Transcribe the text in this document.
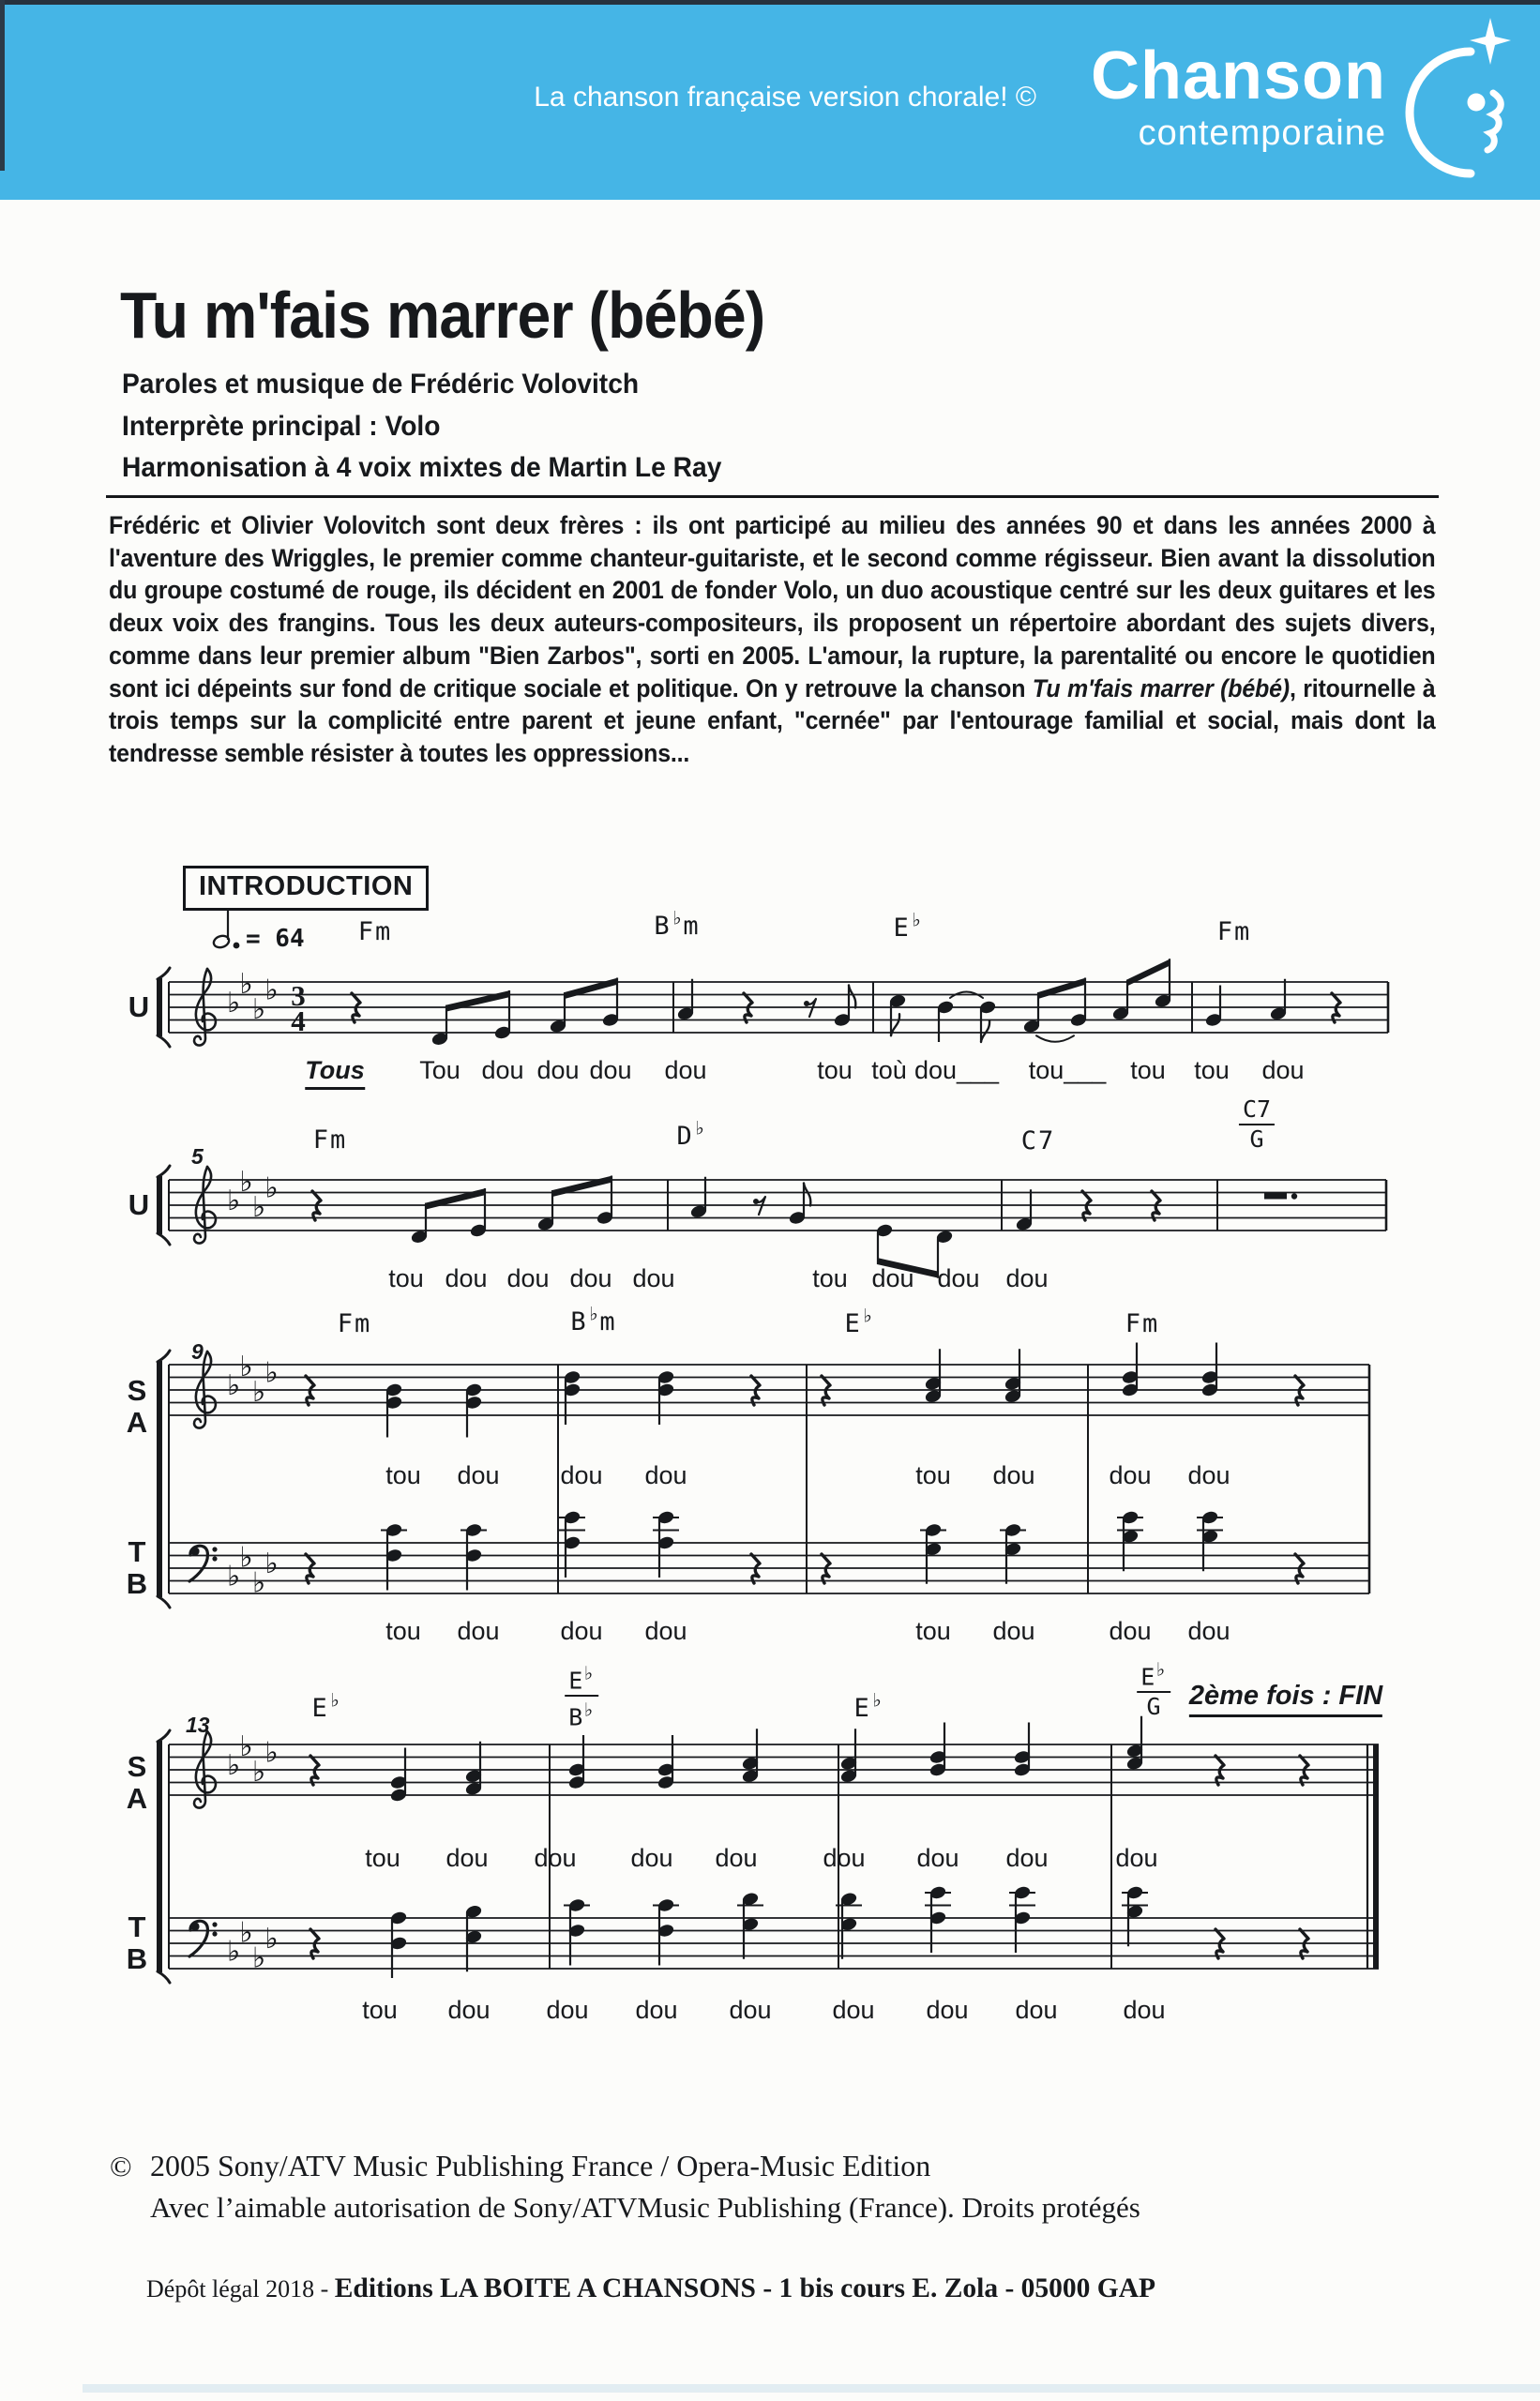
La chanson française version chorale! © Chanson
contemporaine
Tu m'fais marrer (bébé)
Paroles et musique de Frédéric Volovitch
Interprète principal : Volo
Harmonisation à 4 voix mixtes de Martin Le Ray
Frédéric et Olivier Volovitch sont deux frères : ils ont participé au milieu des années 90 et dans les années 2000 à l'aventure des Wriggles, le premier comme chanteur-guitariste, et le second comme régisseur. Bien avant la dissolution du groupe costumé de rouge, ils décident en 2001 de fonder Volo, un duo acoustique centré sur les deux guitares et les deux voix des frangins. Tous les deux auteurs-compositeurs, ils proposent un répertoire abordant des sujets divers, comme dans leur premier album "Bien Zarbos", sorti en 2005. L'amour, la rupture, la parentalité ou encore le quotidien sont ici dépeints sur fond de critique sociale et politique. On y retrouve la chanson Tu m'fais marrer (bébé), ritournelle à trois temps sur la complicité entre parent et jeune enfant, "cernée" par l'entourage familial et social, mais dont la tendresse semble résister à toutes les oppressions...
♭
♭
♭
♭ 3
4
♭
♭
♭
♭
♭
♭
♭
♭
♭
♭
♭
♭
♭
♭
♭
♭
♭
♭
♭
♭
INTRODUCTION
= 64 Fm	B♭m	E♭	Fm
U
Tous Tou dou dou dou dou	tou toù dou___ tou___ tou tou dou
Fm	D♭	C7
C7
G
5
U
tou dou dou dou dou	tou dou dou dou
Fm	B♭m	E♭	Fm
9
S
A
T
B
tou dou dou dou	tou dou	dou dou
tou dou dou dou	tou dou	dou dou
E♭
E♭
B♭	E♭
E♭
G	2ème fois : FIN
13
S
A
T
B
tou dou dou dou dou	dou dou dou	dou
tou dou dou dou dou dou dou dou	dou
© 2005 Sony/ATV Music Publishing France / Opera-Music Edition
Avec l’aimable autorisation de Sony/ATVMusic Publishing (France). Droits protégés
Dépôt légal 2018 - Editions LA BOITE A CHANSONS - 1 bis cours E. Zola - 05000 GAP
